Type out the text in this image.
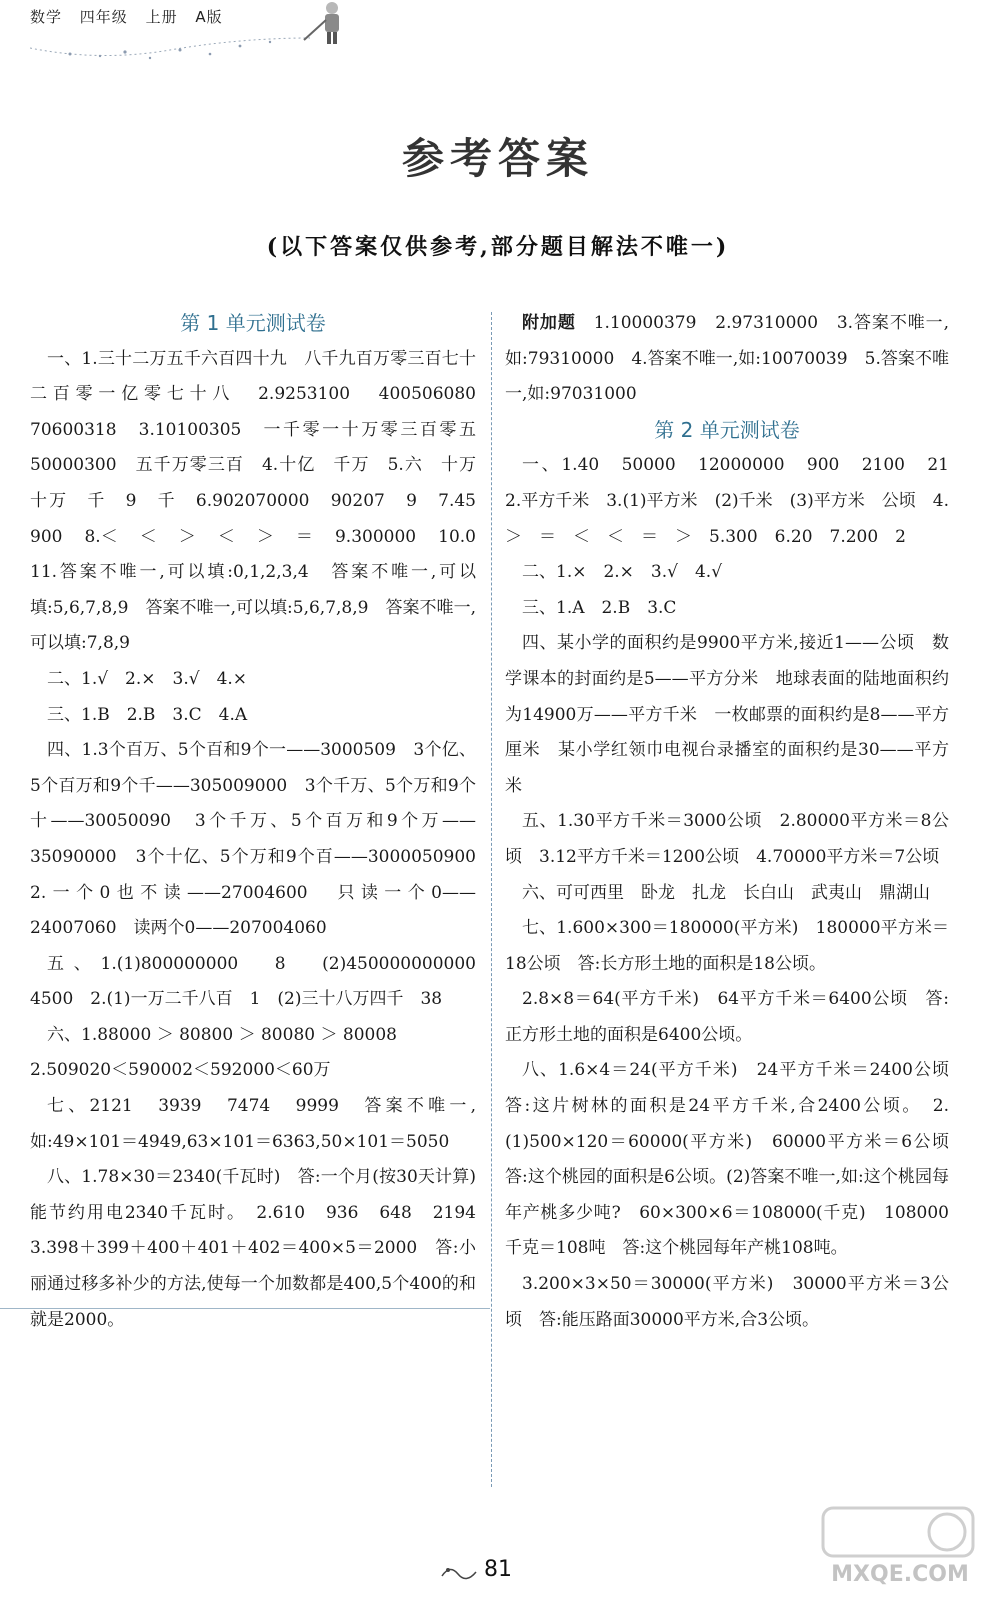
数学 四年级 上册 A版
参考答案
(以下答案仅供参考,部分题目解法不唯一)

第 1 单元测试卷

一、1.三十二万五千六百四十九　八千九百万零三百七十　二百零一亿零七十八　2.9253100　400506080　70600318　3.10100305　一千零一十万零三百零五　50000300　五千万零三百　4.十亿　千万　5.六　十万　十万　千　9　千　6.902070000　90207　9　7.45　900　8.＜　＜　＞　＜　＞　＝　9.300000　10.0　11.答案不唯一,可以填:0,1,2,3,4　答案不唯一,可以填:5,6,7,8,9　答案不唯一,可以填:5,6,7,8,9　答案不唯一,可以填:7,8,9

二、1.√　2.×　3.√　4.×

三、1.B　2.B　3.C　4.A

四、1.3个百万、5个百和9个一——3000509　3个亿、5个百万和9个千——305009000　3个千万、5个万和9个十——30050090　3个千万、5个百万和9个万——35090000　3个十亿、5个万和9个百——3000050900　2.一个0也不读——27004600　只读一个0——24007060　读两个0——207004060

五、1.(1)800000000　8　(2)450000000000　4500　2.(1)一万二千八百　1　(2)三十八万四千　38

六、1.88000 ＞ 80800 ＞ 80080 ＞ 80008

2.509020＜590002＜592000＜60万

七、2121　3939　7474　9999　答案不唯一,如:49×101＝4949,63×101＝6363,50×101＝5050

八、1.78×30＝2340(千瓦时)　答:一个月(按30天计算)能节约用电2340千瓦时。　2.610　936　648　2194　3.398＋399＋400＋401＋402＝400×5＝2000　答:小丽通过移多补少的方法,使每一个加数都是400,5个400的和就是2000。

附加题　 1.10000379　2.97310000　3.答案不唯一,如:79310000　4.答案不唯一,如:10070039　5.答案不唯一,如:97031000

第 2 单元测试卷

一、1.40　50000　12000000　900　2100　21　2.平方千米　3.(1)平方米　(2)千米　(3)平方米　公顷　4.＞　＝　＜　＜　＝　＞　5.300　6.20　7.200　2

二、1.×　2.×　3.√　4.√

三、1.A　2.B　3.C

四、某小学的面积约是9900平方米,接近1——公顷　数学课本的封面约是5——平方分米　地球表面的陆地面积约为14900万——平方千米　一枚邮票的面积约是8——平方厘米　某小学红领巾电视台录播室的面积约是30——平方米

五、1.30平方千米＝3000公顷　2.80000平方米＝8公顷　3.12平方千米＝1200公顷　4.70000平方米＝7公顷

六、可可西里　卧龙　扎龙　长白山　武夷山　鼎湖山

七、1.600×300＝180000(平方米)　180000平方米＝18公顷　答:长方形土地的面积是18公顷。

2.8×8＝64(平方千米)　64平方千米＝6400公顷　答:正方形土地的面积是6400公顷。

八、1.6×4＝24(平方千米)　24平方千米＝2400公顷　答:这片树林的面积是24平方千米,合2400公顷。　2.(1)500×120＝60000(平方米)　60000平方米＝6公顷　答:这个桃园的面积是6公顷。(2)答案不唯一,如:这个桃园每年产桃多少吨?　60×300×6＝108000(千克)　108000千克＝108吨　答:这个桃园每年产桃108吨。

3.200×3×50＝30000(平方米)　30000平方米＝3公顷　答:能压路面30000平方米,合3公顷。

81	MXQE.COM
